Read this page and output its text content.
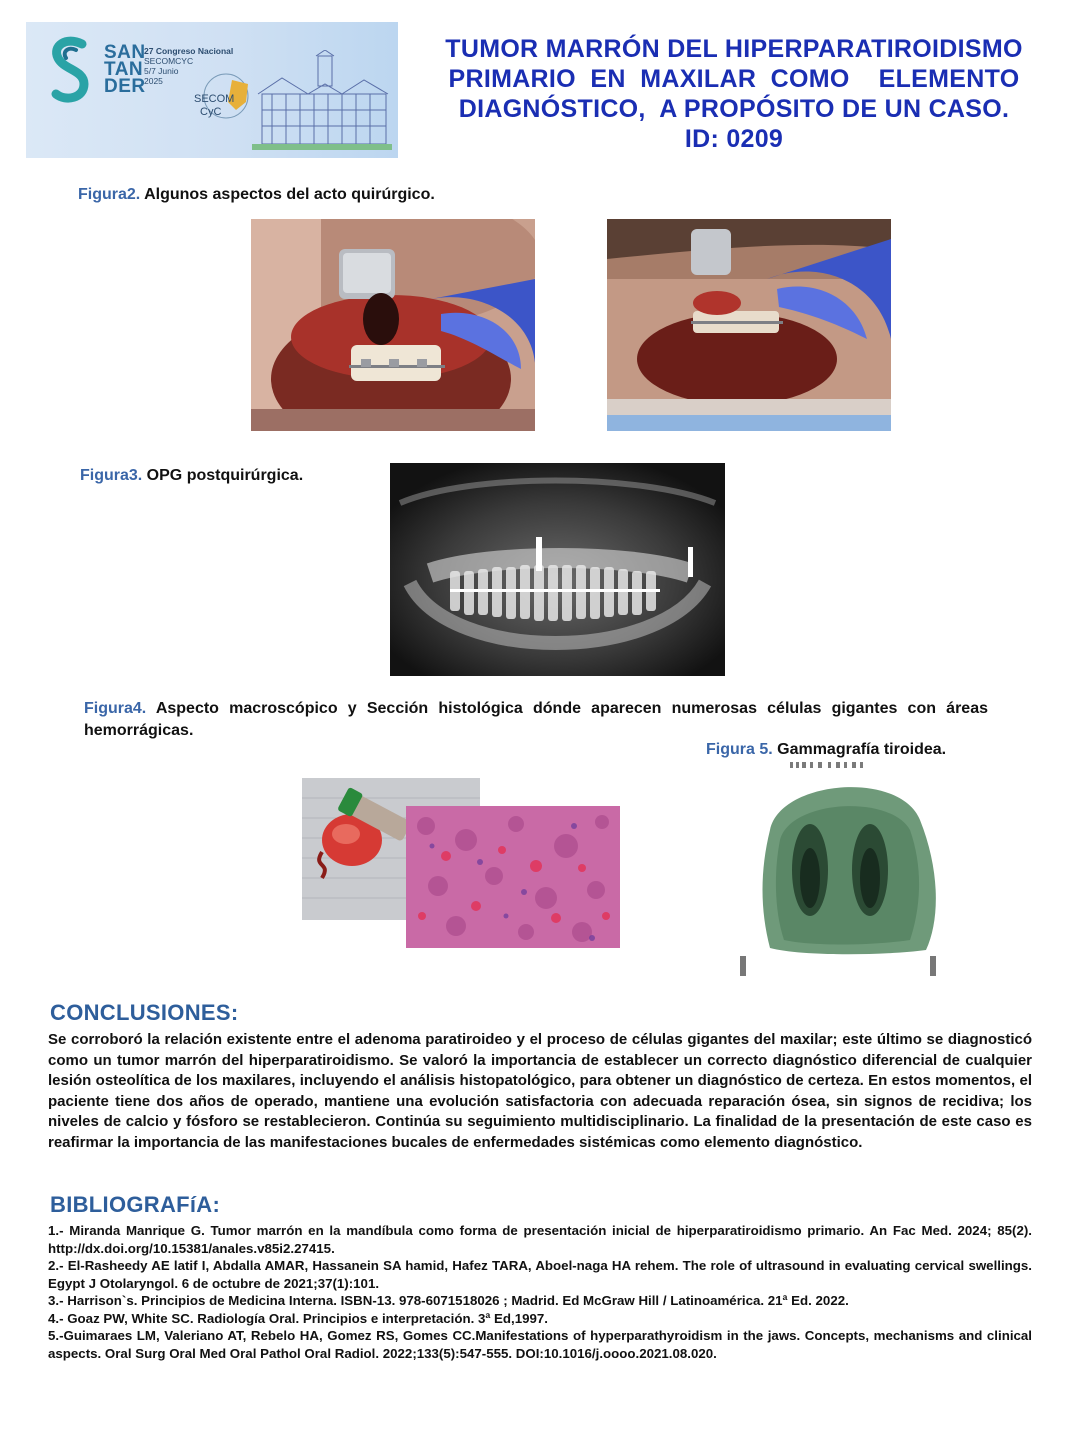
SAN
TAN
DER
27 Congreso Nacional
SECOMCYC
5/7 Junio
2025
SECOM
CyC
TUMOR MARRÓN DEL HIPERPARATIROIDISMO
PRIMARIO  EN  MAXILAR  COMO    ELEMENTO
DIAGNÓSTICO,  A PROPÓSITO DE UN CASO.
ID: 0209
Figura2. Algunos aspectos del acto quirúrgico.
Figura3. OPG postquirúrgica.
Figura4. Aspecto macroscópico y Sección histológica dónde aparecen numerosas células gigantes con áreas hemorrágicas.
Figura 5. Gammagrafía tiroidea.
CONCLUSIONES:
Se corroboró la relación existente entre el adenoma paratiroideo y el proceso de células gigantes del maxilar; este último se diagnosticó como un tumor marrón del hiperparatiroidismo. Se valoró la importancia de establecer un correcto diagnóstico diferencial de cualquier lesión osteolítica de los maxilares, incluyendo el análisis histopatológico, para obtener un diagnóstico de certeza. En estos momentos, el paciente tiene dos años de operado, mantiene una evolución satisfactoria con adecuada reparación ósea, sin signos de recidiva; los niveles de calcio y fósforo se restablecieron. Continúa su seguimiento multidisciplinario. La finalidad de la presentación de este caso es reafirmar la importancia de las manifestaciones bucales de enfermedades sistémicas como elemento diagnóstico.
BIBLIOGRAFíA:
1.- Miranda Manrique G. Tumor marrón en la mandíbula como forma de presentación inicial de hiperparatiroidismo primario. An Fac Med. 2024; 85(2). http://dx.doi.org/10.15381/anales.v85i2.27415.
2.- El-Rasheedy AE latif I, Abdalla AMAR, Hassanein SA hamid, Hafez TARA, Aboel-naga HA rehem. The role of ultrasound in evaluating cervical swellings. Egypt J Otolaryngol. 6 de octubre de 2021;37(1):101.
3.- Harrison`s. Principios de Medicina Interna. ISBN-13. 978-6071518026 ; Madrid. Ed McGraw Hill / Latinoamérica. 21ª Ed. 2022.
4.- Goaz PW, White SC. Radiología Oral. Principios e interpretación. 3ª Ed,1997.
5.-Guimaraes LM, Valeriano AT, Rebelo HA, Gomez RS, Gomes CC.Manifestations of hyperparathyroidism in the jaws. Concepts, mechanisms and clinical aspects. Oral Surg Oral Med Oral Pathol Oral Radiol. 2022;133(5):547-555. DOI:10.1016/j.oooo.2021.08.020.
